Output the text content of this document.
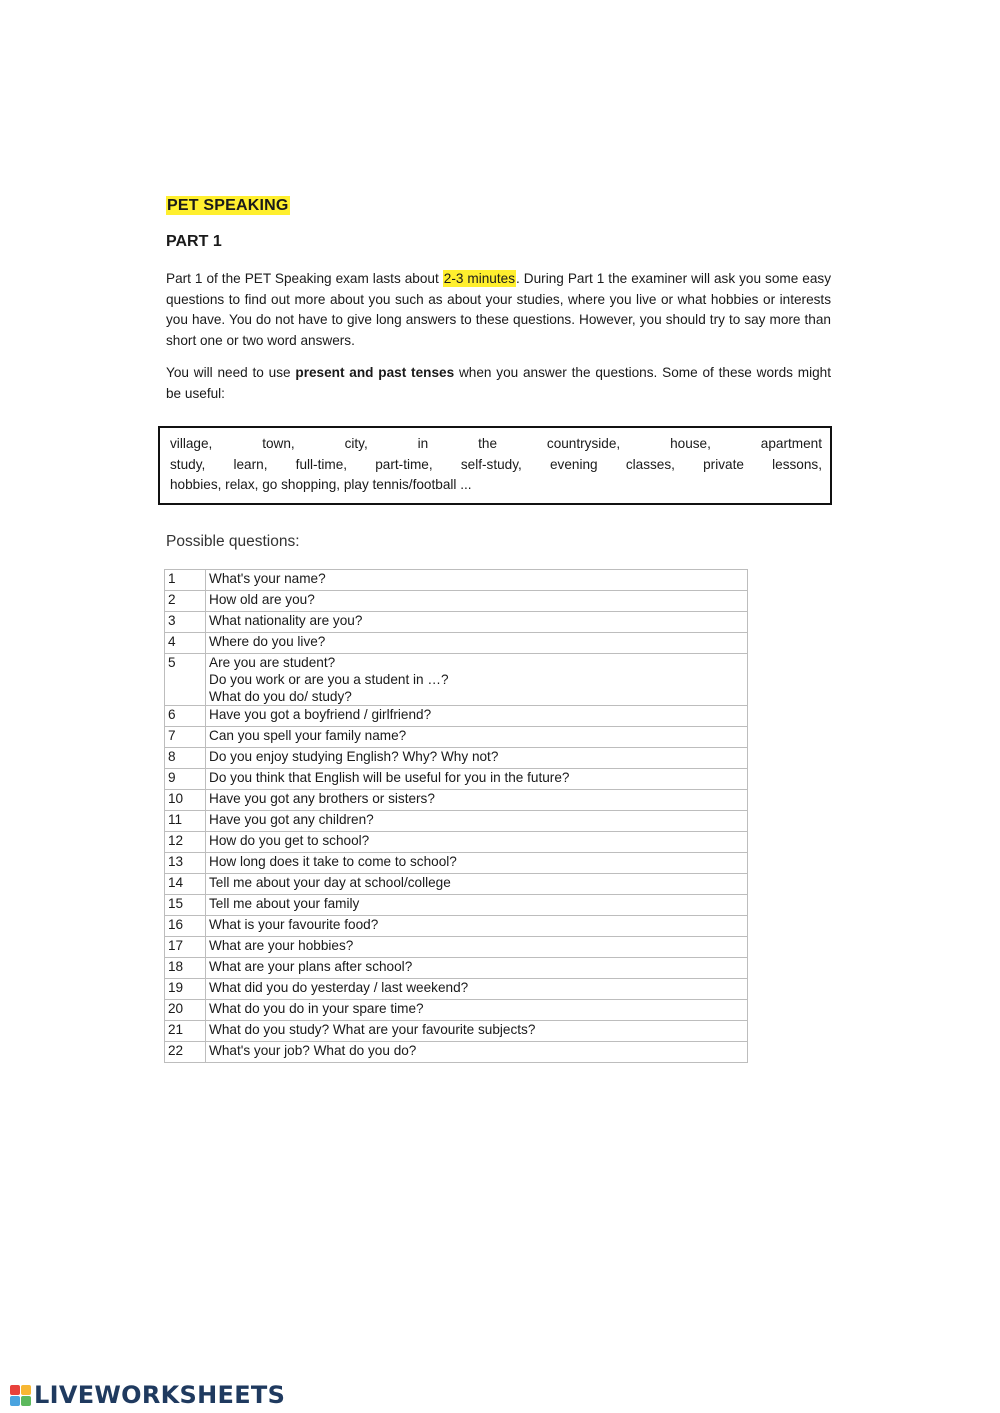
PET SPEAKING
PART 1

Part 1 of the PET Speaking exam lasts about 2-3 minutes. During Part 1 the examiner will ask you some easy questions to find out more about you such as about your studies, where you live or what hobbies or interests you have. You do not have to give long answers to these questions. However, you should try to say more than short one or two word answers.

You will need to use present and past tenses when you answer the questions. Some of these words might be useful:

village, town, city, in the countryside, house, apartment

study, learn, full-time, part-time, self-study, evening classes, private lessons,

hobbies, relax, go shopping, play tennis/football ...

Possible questions:
1	What's your name?
2	How old are you?
3	What nationality are you?
4	Where do you live?
5	Are you are student?
Do you work or are you a student in …?
What do you do/ study?
6	Have you got a boyfriend / girlfriend?
7	Can you spell your family name?
8	Do you enjoy studying English? Why? Why not?
9	Do you think that English will be useful for you in the future?
10	Have you got any brothers or sisters?
11	Have you got any children?
12	How do you get to school?
13	How long does it take to come to school?
14	Tell me about your day at school/college
15	Tell me about your family
16	What is your favourite food?
17	What are your hobbies?
18	What are your plans after school?
19	What did you do yesterday / last weekend?
20	What do you do in your spare time?
21	What do you study? What are your favourite subjects?
22	What's your job? What do you do?
LIVEWORKSHEETS
